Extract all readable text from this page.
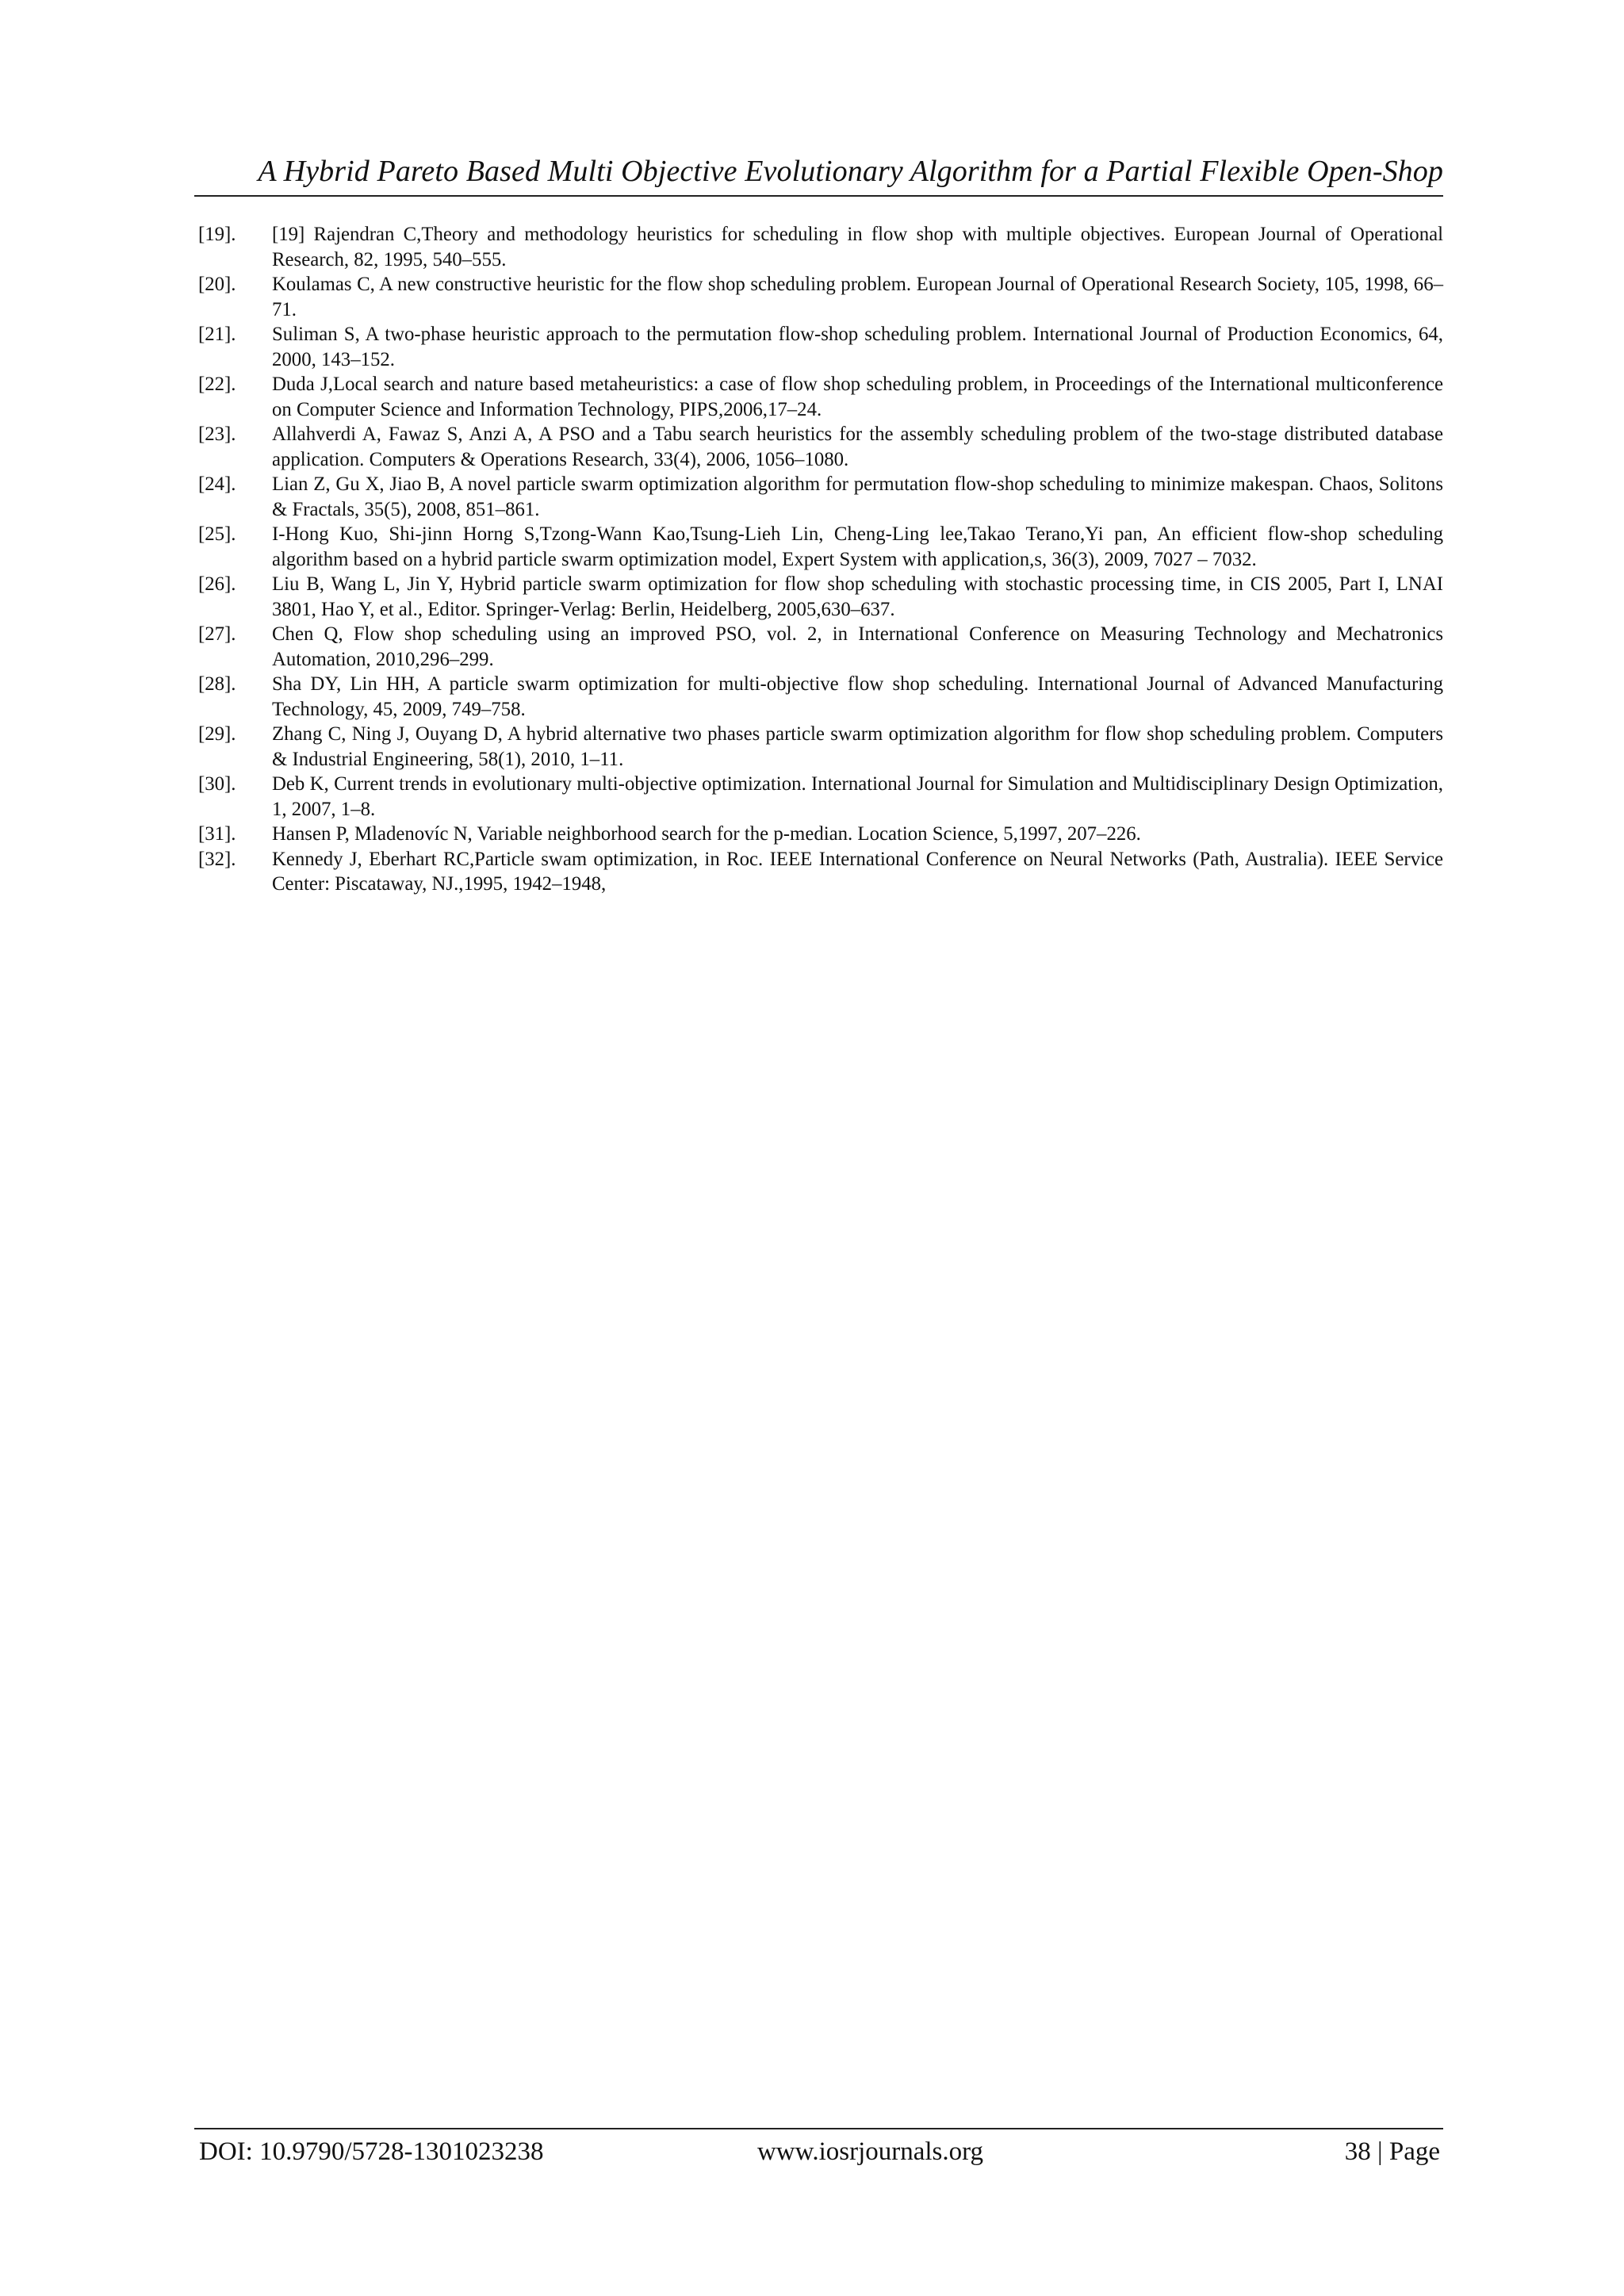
A Hybrid Pareto Based Multi Objective Evolutionary Algorithm for a Partial Flexible Open-Shop
[19].	[19] Rajendran C,Theory and methodology heuristics for scheduling in flow shop with multiple objectives. European Journal of Operational Research, 82, 1995, 540–555.
[20].	Koulamas C, A new constructive heuristic for the flow shop scheduling problem. European Journal of Operational Research Society, 105, 1998, 66–71.
[21].	Suliman S, A two-phase heuristic approach to the permutation flow-shop scheduling problem. International Journal of Production Economics, 64, 2000, 143–152.
[22].	Duda J,Local search and nature based metaheuristics: a case of flow shop scheduling problem, in Proceedings of the International multiconference on Computer Science and Information Technology, PIPS,2006,17–24.
[23].	Allahverdi A, Fawaz S, Anzi A, A PSO and a Tabu search heuristics for the assembly scheduling problem of the two-stage distributed database application. Computers & Operations Research, 33(4), 2006, 1056–1080.
[24].	Lian Z, Gu X, Jiao B, A novel particle swarm optimization algorithm for permutation flow-shop scheduling to minimize makespan. Chaos, Solitons & Fractals, 35(5), 2008, 851–861.
[25].	I-Hong Kuo, Shi-jinn Horng S,Tzong-Wann Kao,Tsung-Lieh Lin, Cheng-Ling lee,Takao Terano,Yi pan, An efficient flow-shop scheduling algorithm based on a hybrid particle swarm optimization model, Expert System with application,s, 36(3), 2009, 7027 – 7032.
[26].	Liu B, Wang L, Jin Y, Hybrid particle swarm optimization for flow shop scheduling with stochastic processing time, in CIS 2005, Part I, LNAI 3801, Hao Y, et al., Editor. Springer-Verlag: Berlin, Heidelberg, 2005,630–637.
[27].	Chen Q, Flow shop scheduling using an improved PSO, vol. 2, in International Conference on Measuring Technology and Mechatronics Automation, 2010,296–299.
[28].	Sha DY, Lin HH, A particle swarm optimization for multi-objective flow shop scheduling. International Journal of Advanced Manufacturing Technology, 45, 2009, 749–758.
[29].	Zhang C, Ning J, Ouyang D, A hybrid alternative two phases particle swarm optimization algorithm for flow shop scheduling problem. Computers & Industrial Engineering, 58(1), 2010, 1–11.
[30].	Deb K, Current trends in evolutionary multi-objective optimization. International Journal for Simulation and Multidisciplinary Design Optimization, 1, 2007, 1–8.
[31].	Hansen P, Mladenovíc N, Variable neighborhood search for the p-median. Location Science, 5,1997, 207–226.
[32].	Kennedy J, Eberhart RC,Particle swam optimization, in Roc. IEEE International Conference on Neural Networks (Path, Australia). IEEE Service Center: Piscataway, NJ.,1995, 1942–1948,
DOI: 10.9790/5728-1301023238	www.iosrjournals.org	38 | Page
